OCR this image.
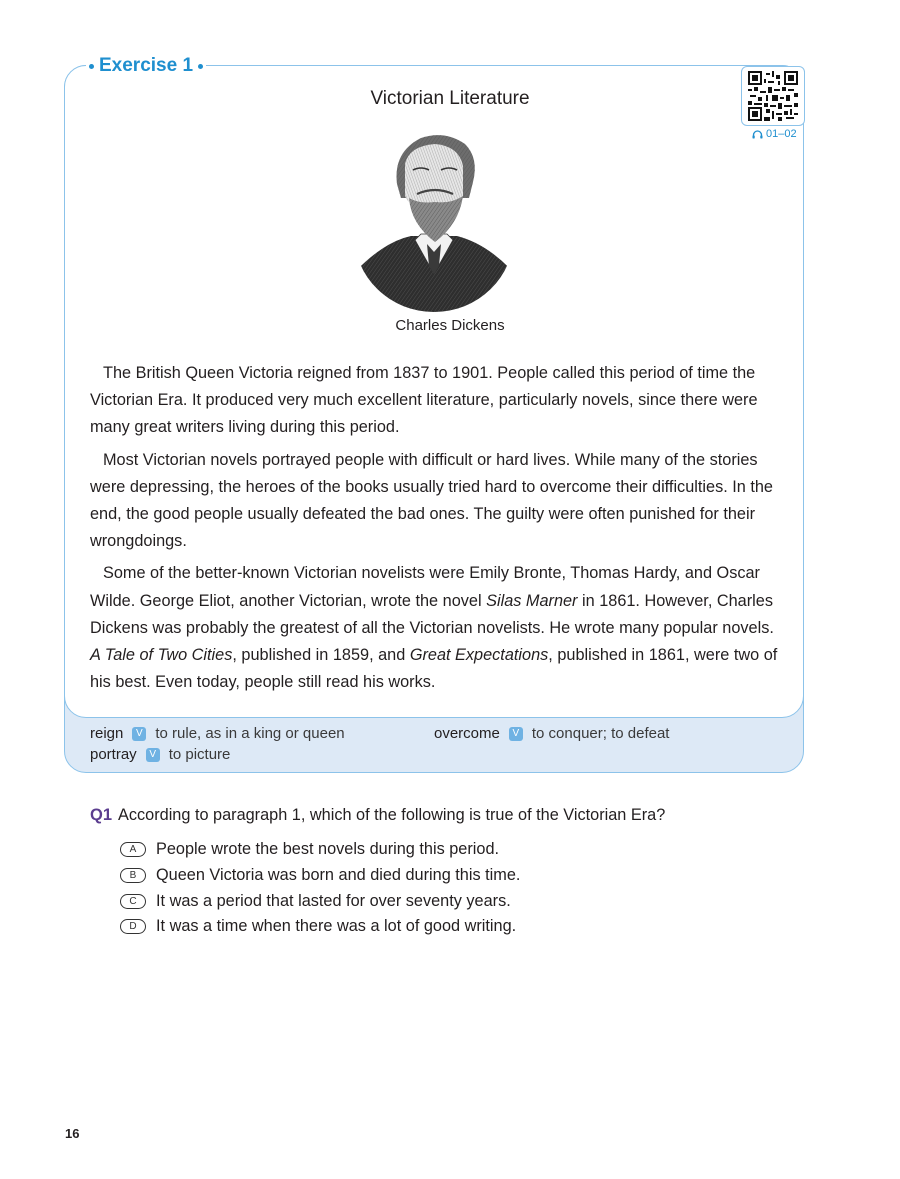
Exercise 1
Victorian Literature
01–02
Charles Dickens

The British Queen Victoria reigned from 1837 to 1901. People called this period of time the Victorian Era. It produced very much excellent literature, particularly novels, since there were many great writers living during this period.

Most Victorian novels portrayed people with difficult or hard lives. While many of the stories were depressing, the heroes of the books usually tried hard to overcome their difficulties. In the end, the good people usually defeated the bad ones. The guilty were often punished for their wrongdoings.

Some of the better-known Victorian novelists were Emily Bronte, Thomas Hardy, and Oscar Wilde. George Eliot, another Victorian, wrote the novel Silas Marner in 1861. However, Charles Dickens was probably the greatest of all the Victorian novelists. He wrote many popular novels. A Tale of Two Cities, published in 1859, and Great Expectations, published in 1861, were two of his best. Even today, people still read his works.

reign	V to rule, as in a king or queen	overcome	V to conquer; to defeat
portray	V to picture
Q1 According to paragraph 1, which of the following is true of the Victorian Era?
A	People wrote the best novels during this period.
B	Queen Victoria was born and died during this time.
C	It was a period that lasted for over seventy years.
D	It was a time when there was a lot of good writing.
16
